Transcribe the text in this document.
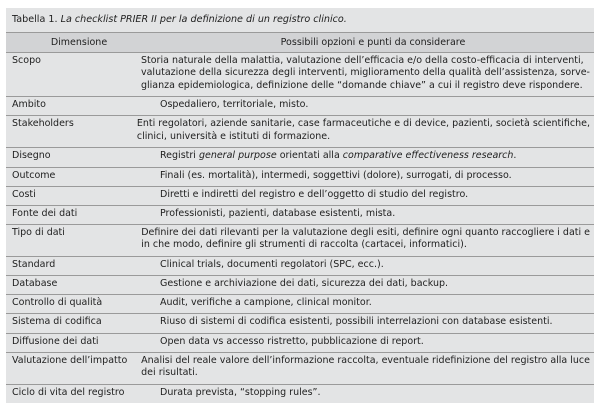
Tabella 1. La checklist PRIER II per la definizione di un registro clinico.
Dimensione	Possibili opzioni e punti da considerare
Scopo	Storia naturale della malattia, valutazione dell’efficacia e/o della costo-efficacia di interventi,
valutazione della sicurezza degli interventi, miglioramento della qualità dell’assistenza, sorve-
glianza epidemiologica, definizione delle “domande chiave” a cui il registro deve rispondere.
Ambito	Ospedaliero, territoriale, misto.
Stakeholders	Enti regolatori, aziende sanitarie, case farmaceutiche e di device, pazienti, società scientifiche,
clinici, università e istituti di formazione.
Disegno	Registri general purpose orientati alla comparative effectiveness research.
Outcome	Finali (es. mortalità), intermedi, soggettivi (dolore), surrogati, di processo.
Costi	Diretti e indiretti del registro e dell’oggetto di studio del registro.
Fonte dei dati	Professionisti, pazienti, database esistenti, mista.
Tipo di dati	Definire dei dati rilevanti per la valutazione degli esiti, definire ogni quanto raccogliere i dati e
in che modo, definire gli strumenti di raccolta (cartacei, informatici).
Standard	Clinical trials, documenti regolatori (SPC, ecc.).
Database	Gestione e archiviazione dei dati, sicurezza dei dati, backup.
Controllo di qualità	Audit, verifiche a campione, clinical monitor.
Sistema di codifica	Riuso di sistemi di codifica esistenti, possibili interrelazioni con database esistenti.
Diffusione dei dati	Open data vs accesso ristretto, pubblicazione di report.
Valutazione dell’impatto	Analisi del reale valore dell’informazione raccolta, eventuale ridefinizione del registro alla luce
dei risultati.
Ciclo di vita del registro	Durata prevista, “stopping rules”.
